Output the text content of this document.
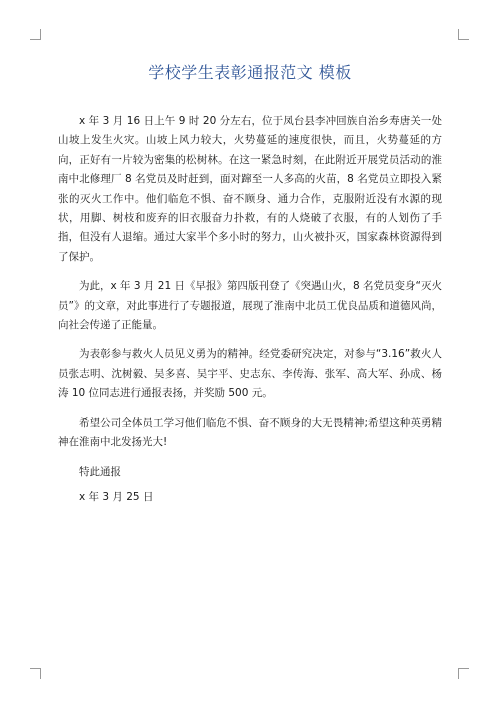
学校学生表彰通报范文 模板

x 年 3 月 16 日上午 9 时 20 分左右，位于凤台县李冲回族自治乡寿唐关一处山坡上发生火灾。山坡上风力较大，火势蔓延的速度很快，而且，火势蔓延的方向，正好有一片较为密集的松树林。在这一紧急时刻，在此附近开展党员活动的淮南中北修理厂 8 名党员及时赶到，面对蹿至一人多高的火苗，8 名党员立即投入紧张的灭火工作中。他们临危不惧、奋不顾身、通力合作，克服附近没有水源的现状，用脚、树枝和废弃的旧衣服奋力扑救，有的人烧破了衣服，有的人划伤了手指，但没有人退缩。通过大家半个多小时的努力，山火被扑灭，国家森林资源得到了保护。

为此，x 年 3 月 21 日《早报》第四版刊登了《突遇山火，8 名党员变身“灭火员”》的文章，对此事进行了专题报道，展现了淮南中北员工优良品质和道德风尚，向社会传递了正能量。

为表彰参与救火人员见义勇为的精神。经党委研究决定，对参与“3.16”救火人员张志明、沈树毅、吴多喜、吴宇平、史志东、李传海、张军、高大军、孙成、杨涛 10 位同志进行通报表扬，并奖励 500 元。

希望公司全体员工学习他们临危不惧、奋不顾身的大无畏精神;希望这种英勇精神在淮南中北发扬光大!

特此通报

x 年 3 月 25 日
